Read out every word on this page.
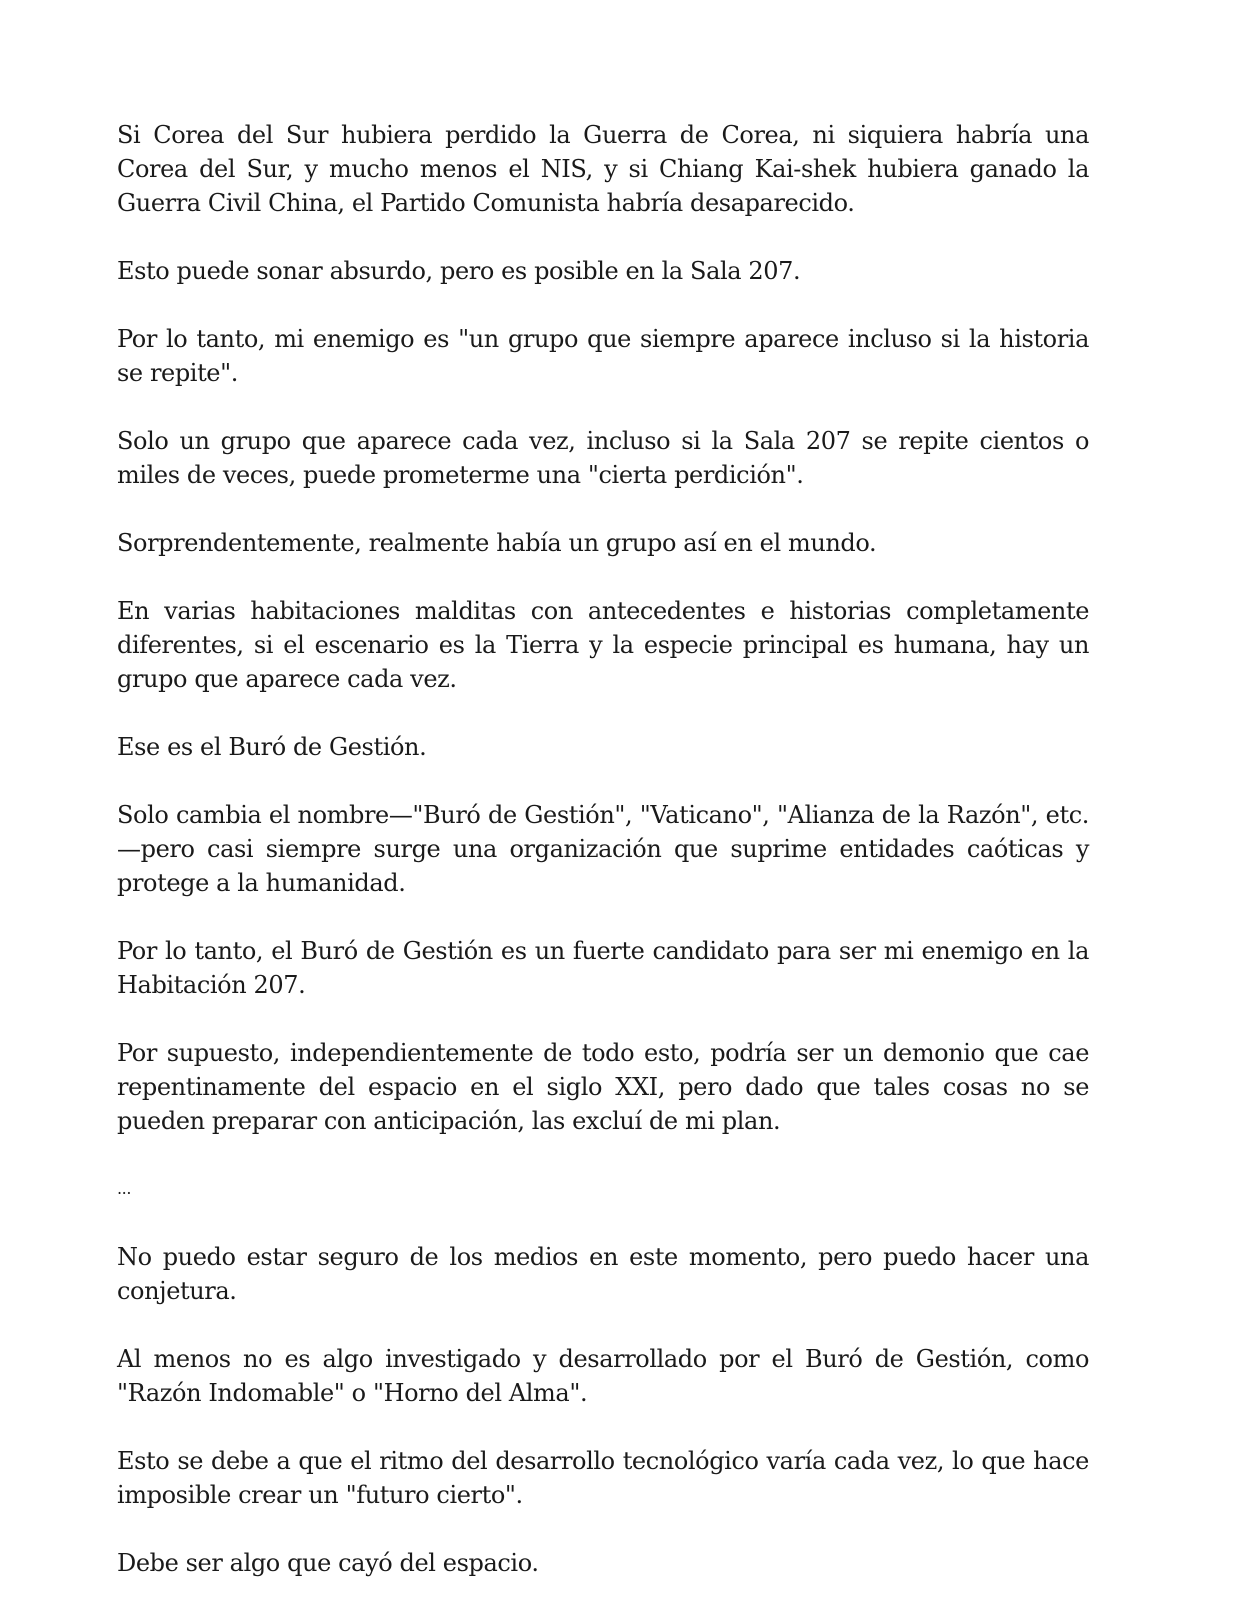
Si Corea del Sur hubiera perdido la Guerra de Corea, ni siquiera habría una Corea del Sur, y mucho menos el NIS, y si Chiang Kai-shek hubiera ganado la Guerra Civil China, el Partido Comunista habría desaparecido.

Esto puede sonar absurdo, pero es posible en la Sala 207.

Por lo tanto, mi enemigo es "un grupo que siempre aparece incluso si la historia se repite".

Solo un grupo que aparece cada vez, incluso si la Sala 207 se repite cientos o miles de veces, puede prometerme una "cierta perdición".

Sorprendentemente, realmente había un grupo así en el mundo.

En varias habitaciones malditas con antecedentes e historias completamente diferentes, si el escenario es la Tierra y la especie principal es humana, hay un grupo que aparece cada vez.

Ese es el Buró de Gestión.

Solo cambia el nombre—"Buró de Gestión", "Vaticano", "Alianza de la Razón", etc.—pero casi siempre surge una organización que suprime entidades caóticas y protege a la humanidad.

Por lo tanto, el Buró de Gestión es un fuerte candidato para ser mi enemigo en la Habitación 207.

Por supuesto, independientemente de todo esto, podría ser un demonio que cae repentinamente del espacio en el siglo XXI, pero dado que tales cosas no se pueden preparar con anticipación, las excluí de mi plan.

...

No puedo estar seguro de los medios en este momento, pero puedo hacer una conjetura.

Al menos no es algo investigado y desarrollado por el Buró de Gestión, como "Razón Indomable" o "Horno del Alma".

Esto se debe a que el ritmo del desarrollo tecnológico varía cada vez, lo que hace imposible crear un "futuro cierto".

Debe ser algo que cayó del espacio.
